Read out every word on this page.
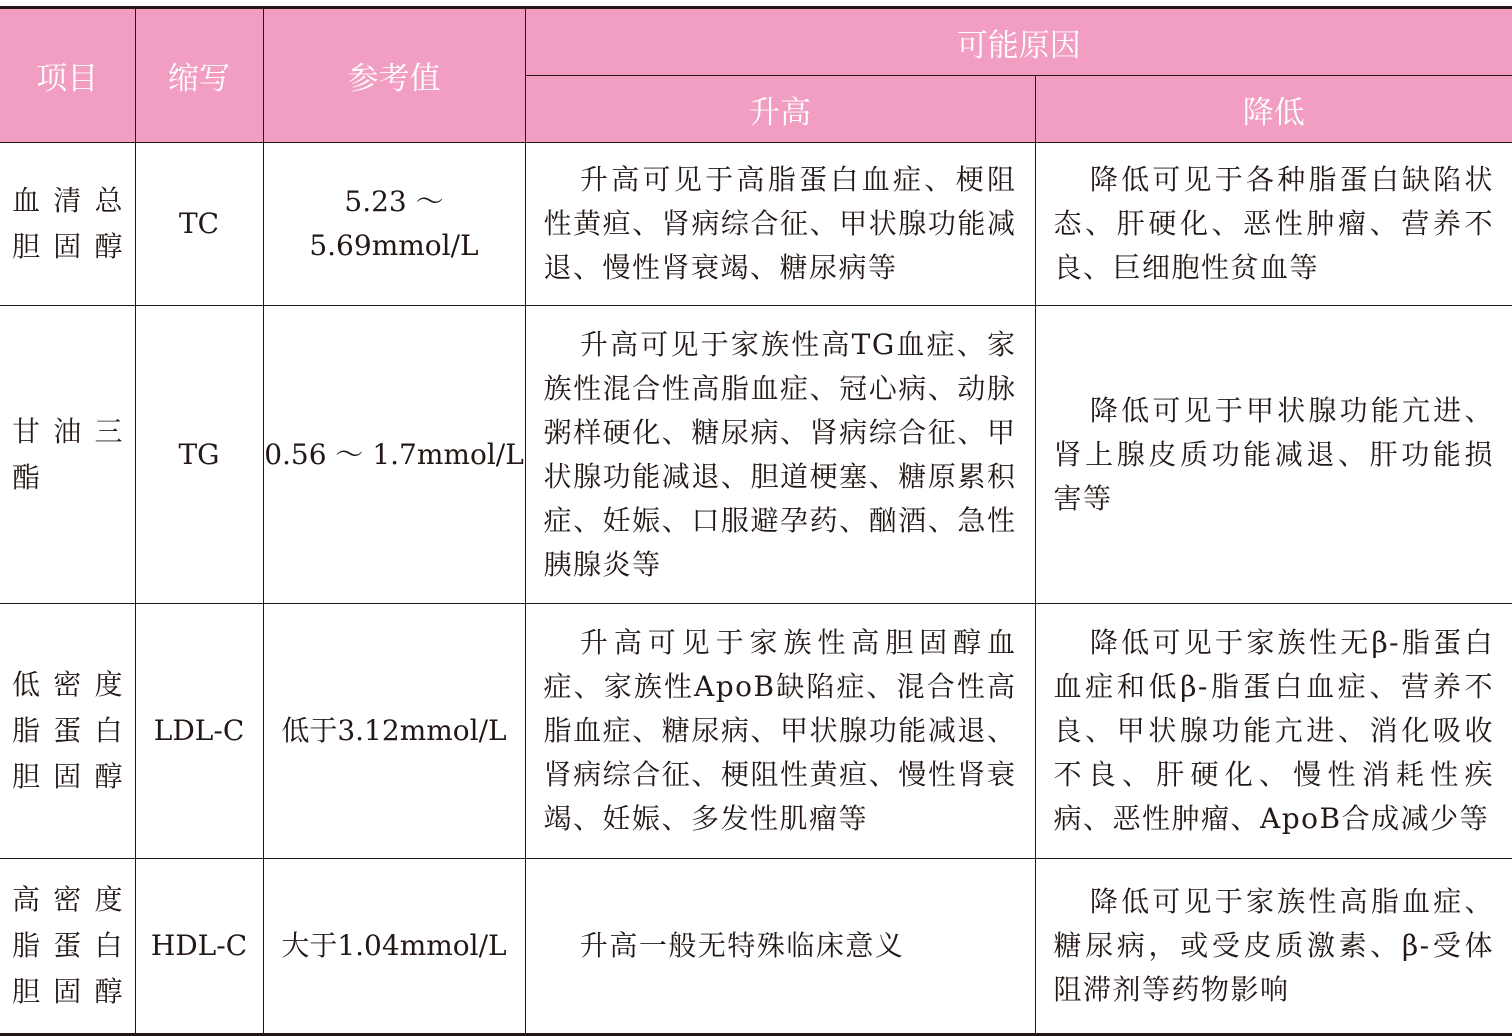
项目	缩写	参考值	可能原因	
			升高	降低
血清总胆固醇	TC	5.23 ～ 5.69mmol/L	升高可见于高脂蛋白血症、梗阻性黄疸、肾病综合征、甲状腺功能减退、慢性肾衰竭、糖尿病等	降低可见于各种脂蛋白缺陷状态、肝硬化、恶性肿瘤、营养不良、巨细胞性贫血等
甘油三酯	TG	0.56 ～ 1.7mmol/L	升高可见于家族性高TG血症、家族性混合性高脂血症、冠心病、动脉粥样硬化、糖尿病、肾病综合征、甲状腺功能减退、胆道梗塞、糖原累积症、妊娠、口服避孕药、酗酒、急性胰腺炎等	降低可见于甲状腺功能亢进、肾上腺皮质功能减退、肝功能损害等
低密度脂蛋白胆固醇	LDL-C	低于3.12mmol/L	升高可见于家族性高胆固醇血症、家族性ApoB缺陷症、混合性高脂血症、糖尿病、甲状腺功能减退、肾病综合征、梗阻性黄疸、慢性肾衰竭、妊娠、多发性肌瘤等	降低可见于家族性无β-脂蛋白血症和低β-脂蛋白血症、营养不良、甲状腺功能亢进、消化吸收不良、肝硬化、慢性消耗性疾病、恶性肿瘤、ApoB合成减少等
高密度脂蛋白胆固醇	HDL-C	大于1.04mmol/L	升高一般无特殊临床意义	降低可见于家族性高脂血症、糖尿病，或受皮质激素、β-受体阻滞剂等药物影响
